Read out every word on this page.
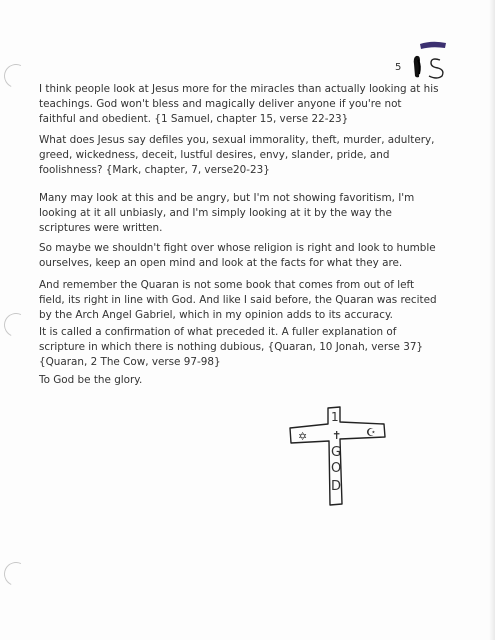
5
I think people look at Jesus more for the miracles than actually looking at his teachings. God won't bless and magically deliver anyone if you're not faithful and obedient. {1 Samuel, chapter 15, verse 22-23}
What does Jesus say defiles you, sexual immorality, theft, murder, adultery, greed, wickedness, deceit, lustful desires, envy, slander, pride, and foolishness? {Mark, chapter, 7, verse20-23}
Many may look at this and be angry, but I'm not showing favoritism, I'm looking at it all unbiasly, and I'm simply looking at it by the way the scriptures were written.
So maybe we shouldn't fight over whose religion is right and look to humble ourselves, keep an open mind and look at the facts for what they are.
And remember the Quaran is not some book that comes from out of left field, its right in line with God. And like I said before, the Quaran was recited by the Arch Angel Gabriel, which in my opinion adds to its accuracy.
It is called a confirmation of what preceded it. A fuller explanation of scripture in which there is nothing dubious, {Quaran, 10 Jonah, verse 37} {Quaran, 2 The Cow, verse 97-98}
To God be the glory.
1
✡ ✝ ☪
G
O
D
